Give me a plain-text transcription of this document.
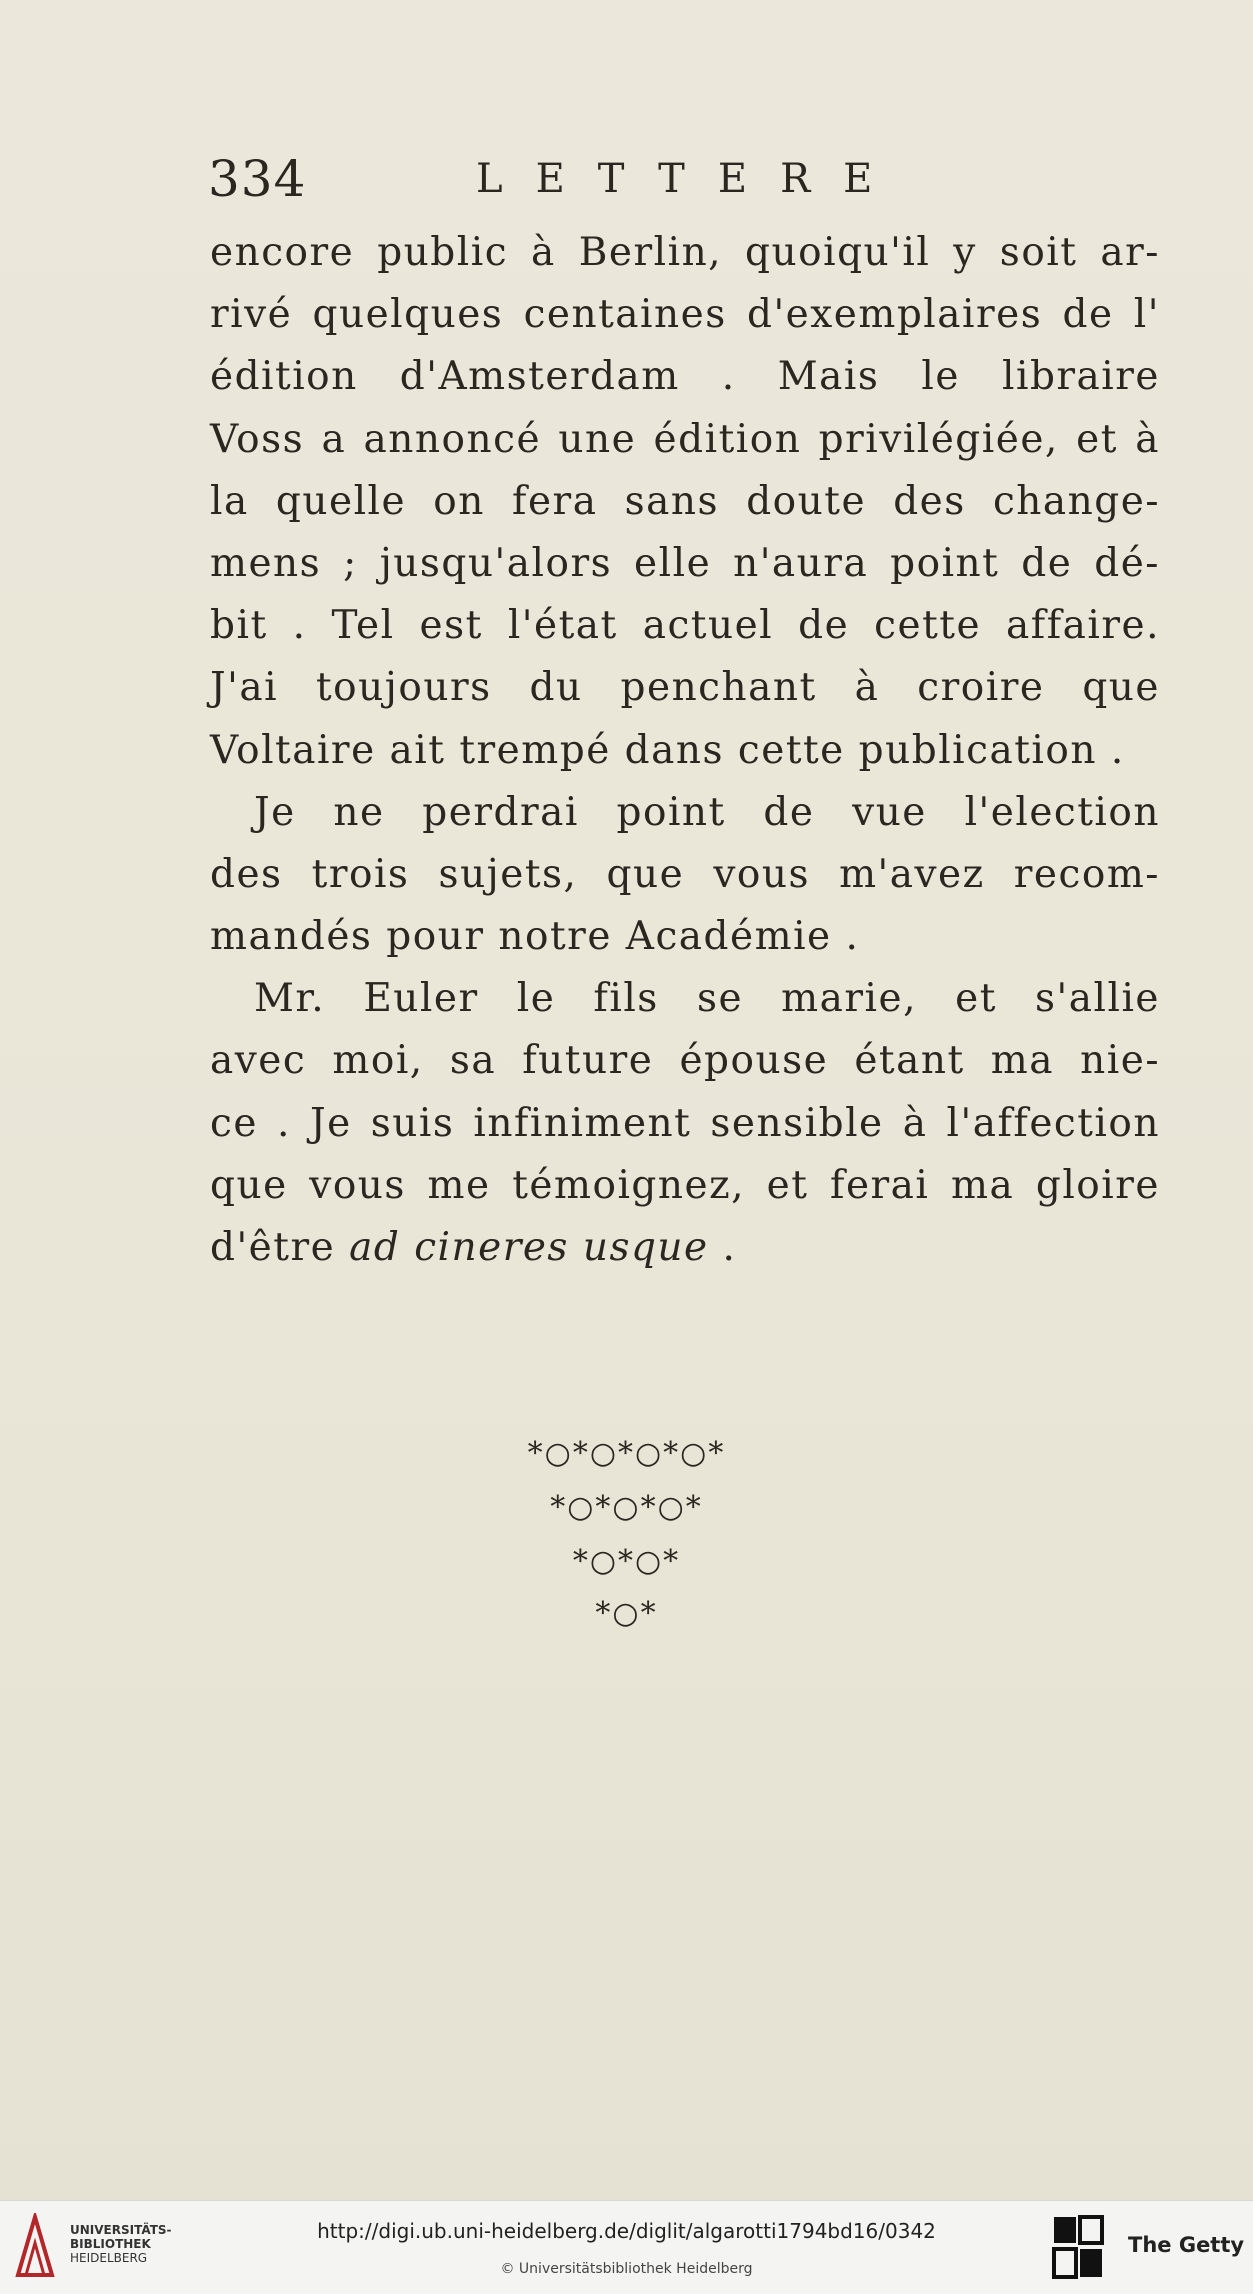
334	LETTERE
encore public à Berlin, quoiqu'il y soit ar-
rivé quelques centaines d'exemplaires de l'
édition d'Amsterdam . Mais le libraire
Voss a annoncé une édition privilégiée, et à
la quelle on fera sans doute des change-
mens ; jusqu'alors elle n'aura point de dé-
bit . Tel est l'état actuel de cette affaire.
J'ai toujours du penchant à croire que
Voltaire ait trempé dans cette publication .
Je ne perdrai point de vue l'election
des trois sujets, que vous m'avez recom-
mandés pour notre Académie .
Mr. Euler le fils se marie, et s'allie
avec moi, sa future épouse étant ma nie-
ce . Je suis infiniment sensible à l'affection
que vous me témoignez, et ferai ma gloire
d'être ad cineres usque .
*○*○*○*○*
*○*○*○*
*○*○*
*○*
UNIVERSITÄTS-
BIBLIOTHEK
HEIDELBERG
http://digi.ub.uni-heidelberg.de/diglit/algarotti1794bd16/0342
© Universitätsbibliothek Heidelberg
The Getty
